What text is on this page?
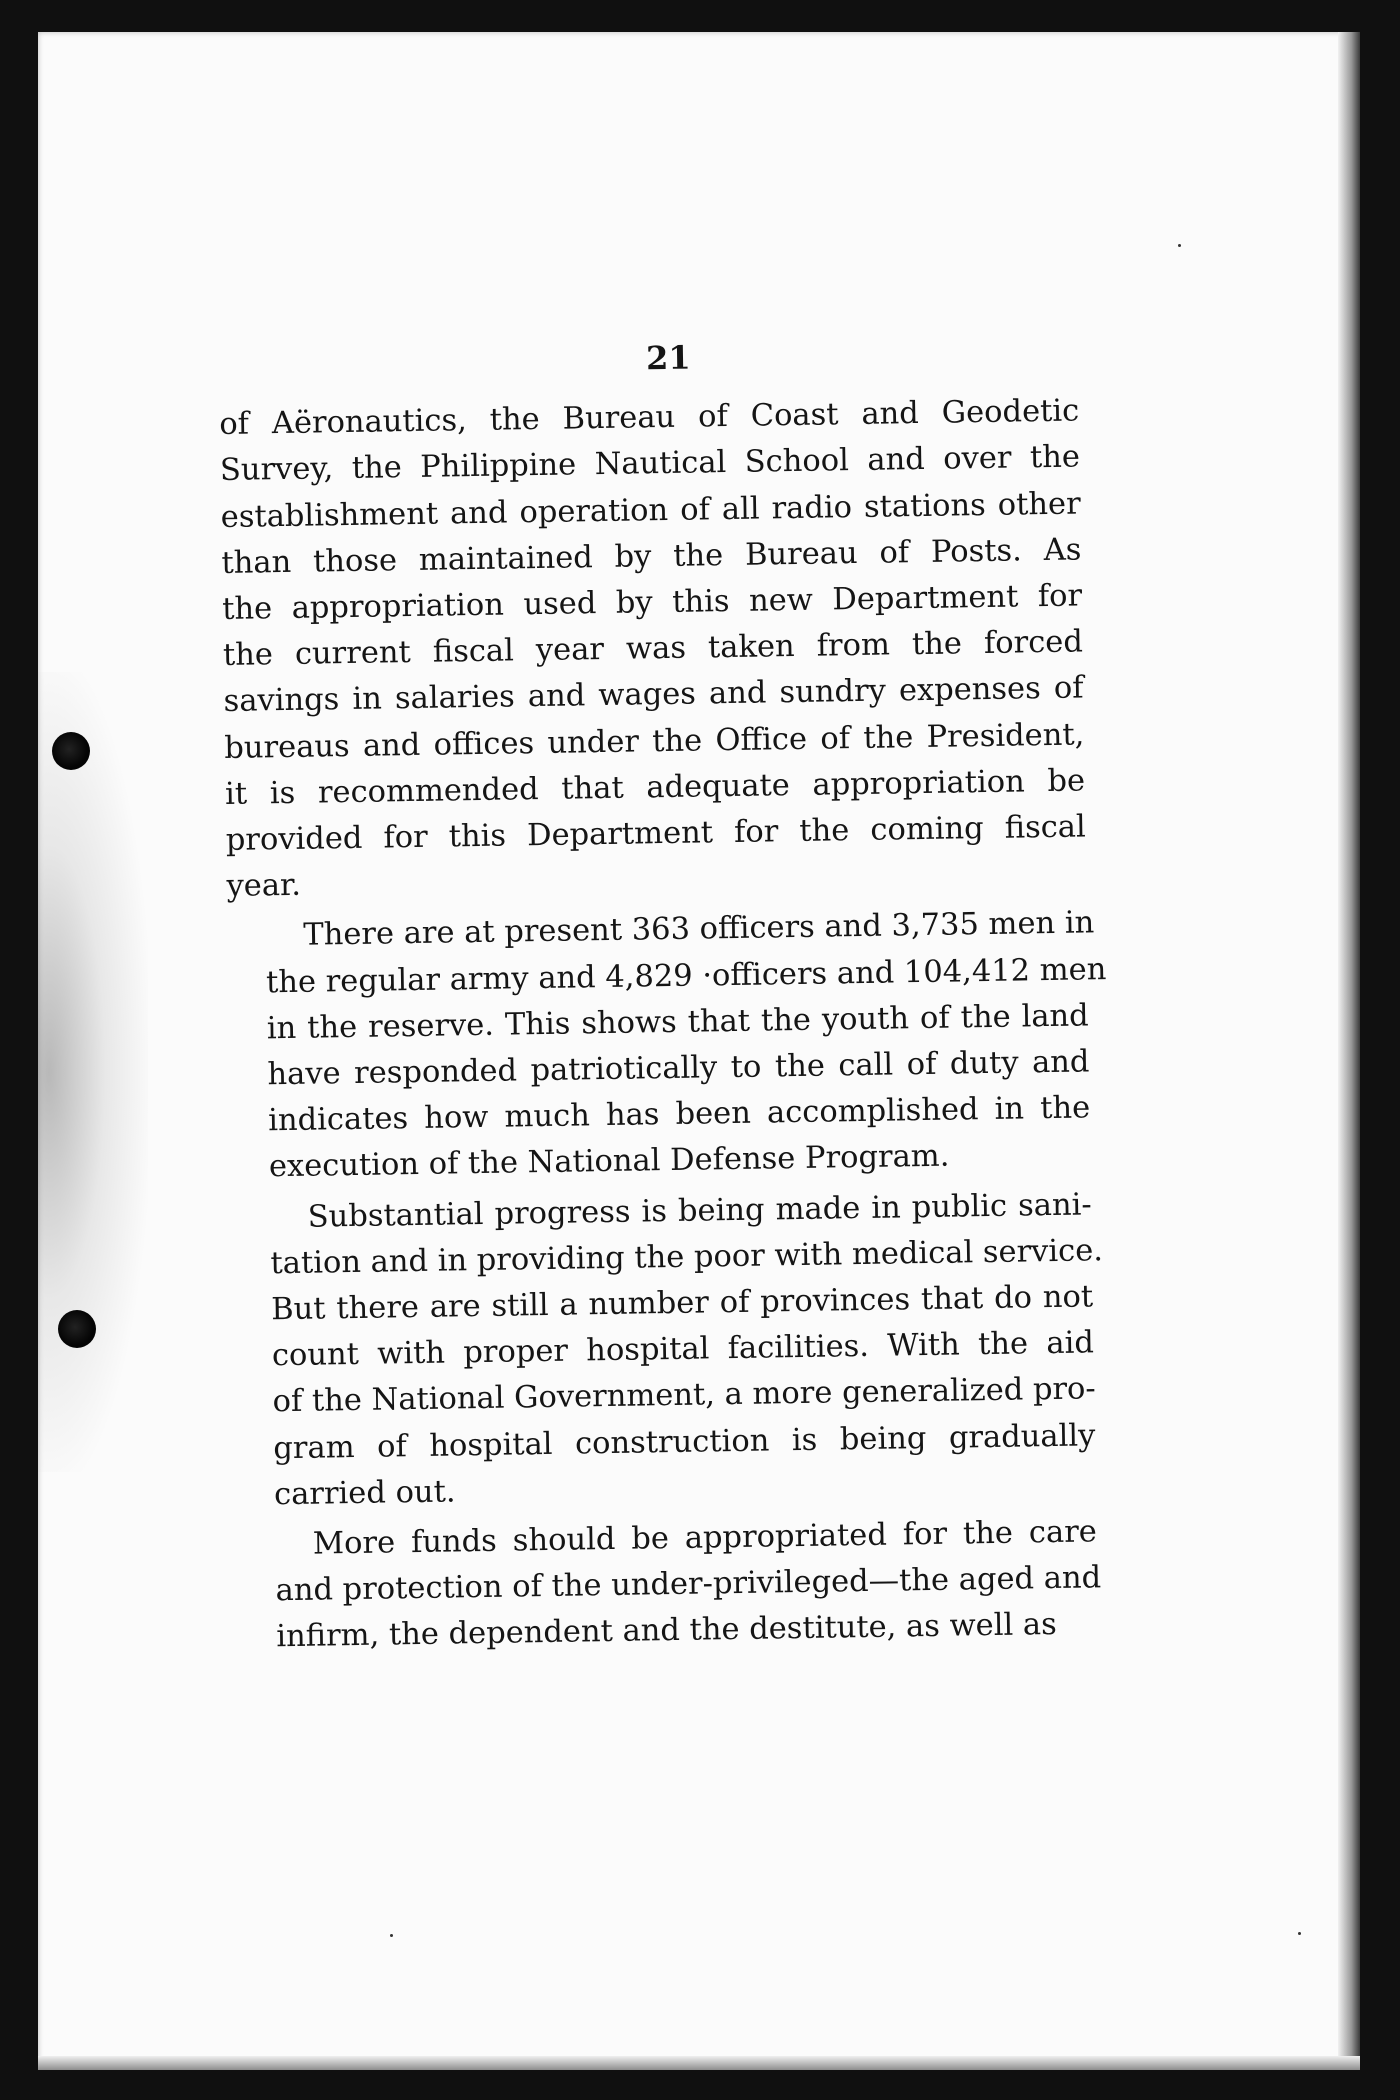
21
of Aëronautics, the Bureau of Coast and Geodetic
Survey, the Philippine Nautical School and over the
establishment and operation of all radio stations other
than those maintained by the Bureau of Posts. As
the appropriation used by this new Department for
the current fiscal year was taken from the forced
savings in salaries and wages and sundry expenses of
bureaus and offices under the Office of the President,
it is recommended that adequate appropriation be
provided for this Department for the coming fiscal
year.
There are at present 363 officers and 3,735 men in
the regular army and 4,829 ·officers and 104,412 men
in the reserve. This shows that the youth of the land
have responded patriotically to the call of duty and
indicates how much has been accomplished in the
execution of the National Defense Program.
Substantial progress is being made in public sani-
tation and in providing the poor with medical service.
But there are still a number of provinces that do not
count with proper hospital facilities. With the aid
of the National Government, a more generalized pro-
gram of hospital construction is being gradually
carried out.
More funds should be appropriated for the care
and protection of the under-privileged—the aged and
infirm, the dependent and the destitute, as well as
